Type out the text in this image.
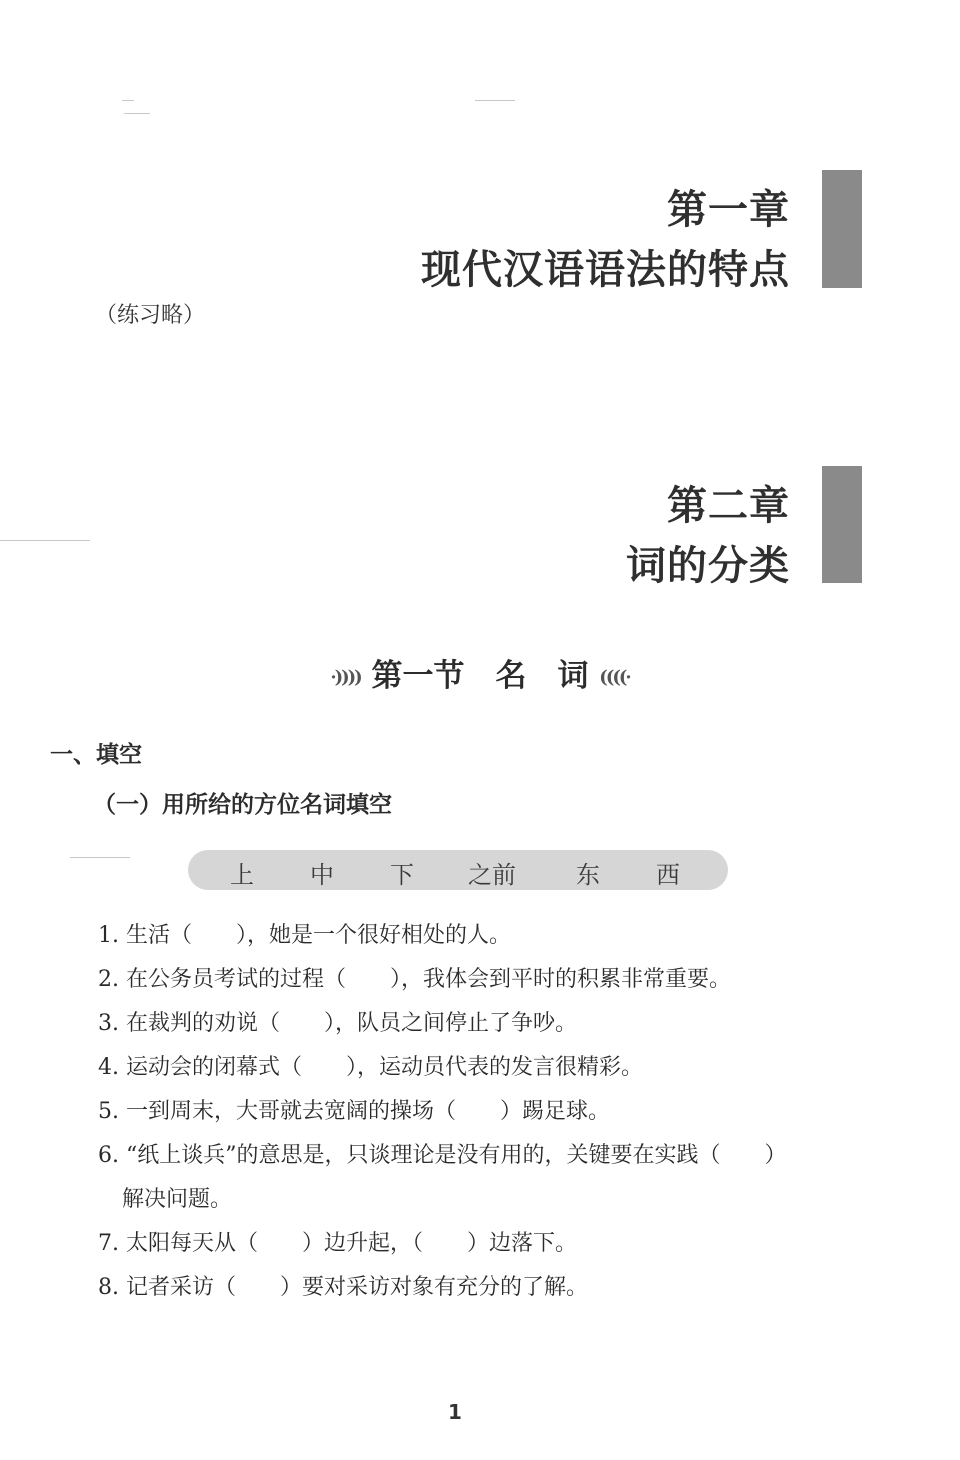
第一章
现代汉语语法的特点
（练习略）
第二章
词的分类
·)))) 第一节　名　词 ((((·
一、填空
（一）用所给的方位名词填空
上 中 下 之前	东 西
1. 生活（　　），她是一个很好相处的人。
2. 在公务员考试的过程（　　），我体会到平时的积累非常重要。
3. 在裁判的劝说（　　），队员之间停止了争吵。
4. 运动会的闭幕式（　　），运动员代表的发言很精彩。
5. 一到周末，大哥就去宽阔的操场（　　）踢足球。
6. “纸上谈兵”的意思是，只谈理论是没有用的，关键要在实践（　　）
解决问题。
7. 太阳每天从（　　）边升起，（　　）边落下。
8. 记者采访（　　）要对采访对象有充分的了解。
1
